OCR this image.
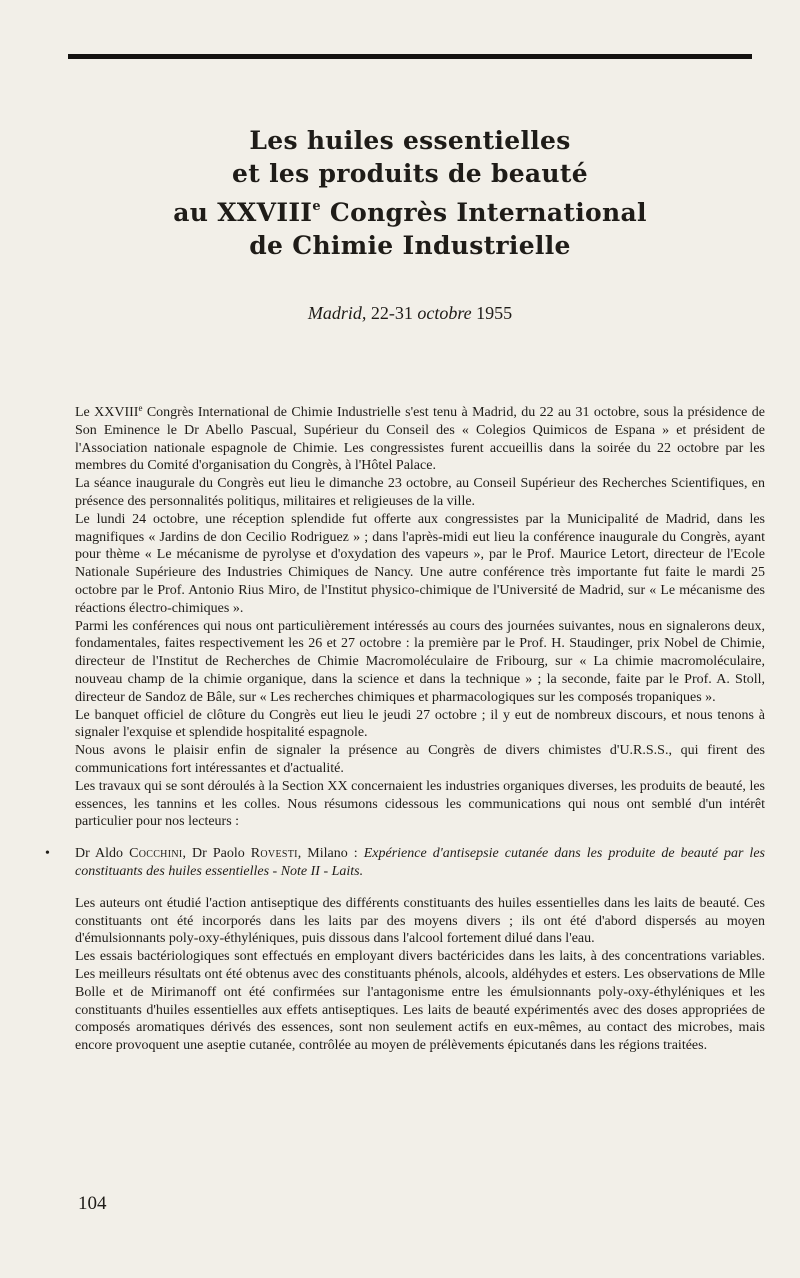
Les huiles essentielles
et les produits de beauté
au XXVIIIe Congrès International
de Chimie Industrielle
Madrid, 22-31 octobre 1955

Le XXVIIIe Congrès International de Chimie Industrielle s'est tenu à Madrid, du 22 au 31 octobre, sous la présidence de Son Eminence le Dr Abello Pascual, Supérieur du Conseil des « Colegios Quimicos de Espana » et président de l'Association nationale espagnole de Chimie. Les congressistes furent accueillis dans la soirée du 22 octobre par les membres du Comité d'organisation du Congrès, à l'Hôtel Palace.

La séance inaugurale du Congrès eut lieu le dimanche 23 octobre, au Conseil Supérieur des Recherches Scientifiques, en présence des personnalités politiqus, militaires et religieuses de la ville.

Le lundi 24 octobre, une réception splendide fut offerte aux congressistes par la Municipalité de Madrid, dans les magnifiques « Jardins de don Cecilio Rodriguez » ; dans l'après-midi eut lieu la conférence inaugurale du Congrès, ayant pour thème « Le mécanisme de pyrolyse et d'oxydation des vapeurs », par le Prof. Maurice Letort, directeur de l'Ecole Nationale Supérieure des Industries Chimiques de Nancy. Une autre conférence très importante fut faite le mardi 25 octobre par le Prof. Antonio Rius Miro, de l'Institut physico-chimique de l'Université de Madrid, sur « Le mécanisme des réactions électro-chimiques ».

Parmi les conférences qui nous ont particulièrement intéressés au cours des journées suivantes, nous en signalerons deux, fondamentales, faites respectivement les 26 et 27 octobre : la première par le Prof. H. Staudinger, prix Nobel de Chimie, directeur de l'Institut de Recherches de Chimie Macromoléculaire de Fribourg, sur « La chimie macromoléculaire, nouveau champ de la chimie organique, dans la science et dans la technique » ; la seconde, faite par le Prof. A. Stoll, directeur de Sandoz de Bâle, sur « Les recherches chimiques et pharmacologiques sur les composés tropaniques ».

Le banquet officiel de clôture du Congrès eut lieu le jeudi 27 octobre ; il y eut de nombreux discours, et nous tenons à signaler l'exquise et splendide hospitalité espagnole.

Nous avons le plaisir enfin de signaler la présence au Congrès de divers chimistes d'U.R.S.S., qui firent des communications fort intéressantes et d'actualité.

Les travaux qui se sont déroulés à la Section XX concernaient les industries organiques diverses, les produits de beauté, les essences, les tannins et les colles. Nous résumons cidessous les communications qui nous ont semblé d'un intérêt particulier pour nos lecteurs :

• Dr Aldo Cocchini, Dr Paolo Rovesti, Milano : Expérience d'antisepsie cutanée dans les produite de beauté par les constituants des huiles essentielles - Note II - Laits.

Les auteurs ont étudié l'action antiseptique des différents constituants des huiles essentielles dans les laits de beauté. Ces constituants ont été incorporés dans les laits par des moyens divers ; ils ont été d'abord dispersés au moyen d'émulsionnants poly-oxy-éthyléniques, puis dissous dans l'alcool fortement dilué dans l'eau.

Les essais bactériologiques sont effectués en employant divers bactéricides dans les laits, à des concentrations variables. Les meilleurs résultats ont été obtenus avec des constituants phénols, alcools, aldéhydes et esters. Les observations de Mlle Bolle et de Mirimanoff ont été confirmées sur l'antagonisme entre les émulsionnants poly-oxy-éthyléniques et les constituants d'huiles essentielles aux effets antiseptiques. Les laits de beauté expérimentés avec des doses appropriées de composés aromatiques dérivés des essences, sont non seulement actifs en eux-mêmes, au contact des microbes, mais encore provoquent une aseptie cutanée, contrôlée au moyen de prélèvements épicutanés dans les régions traitées.

104
